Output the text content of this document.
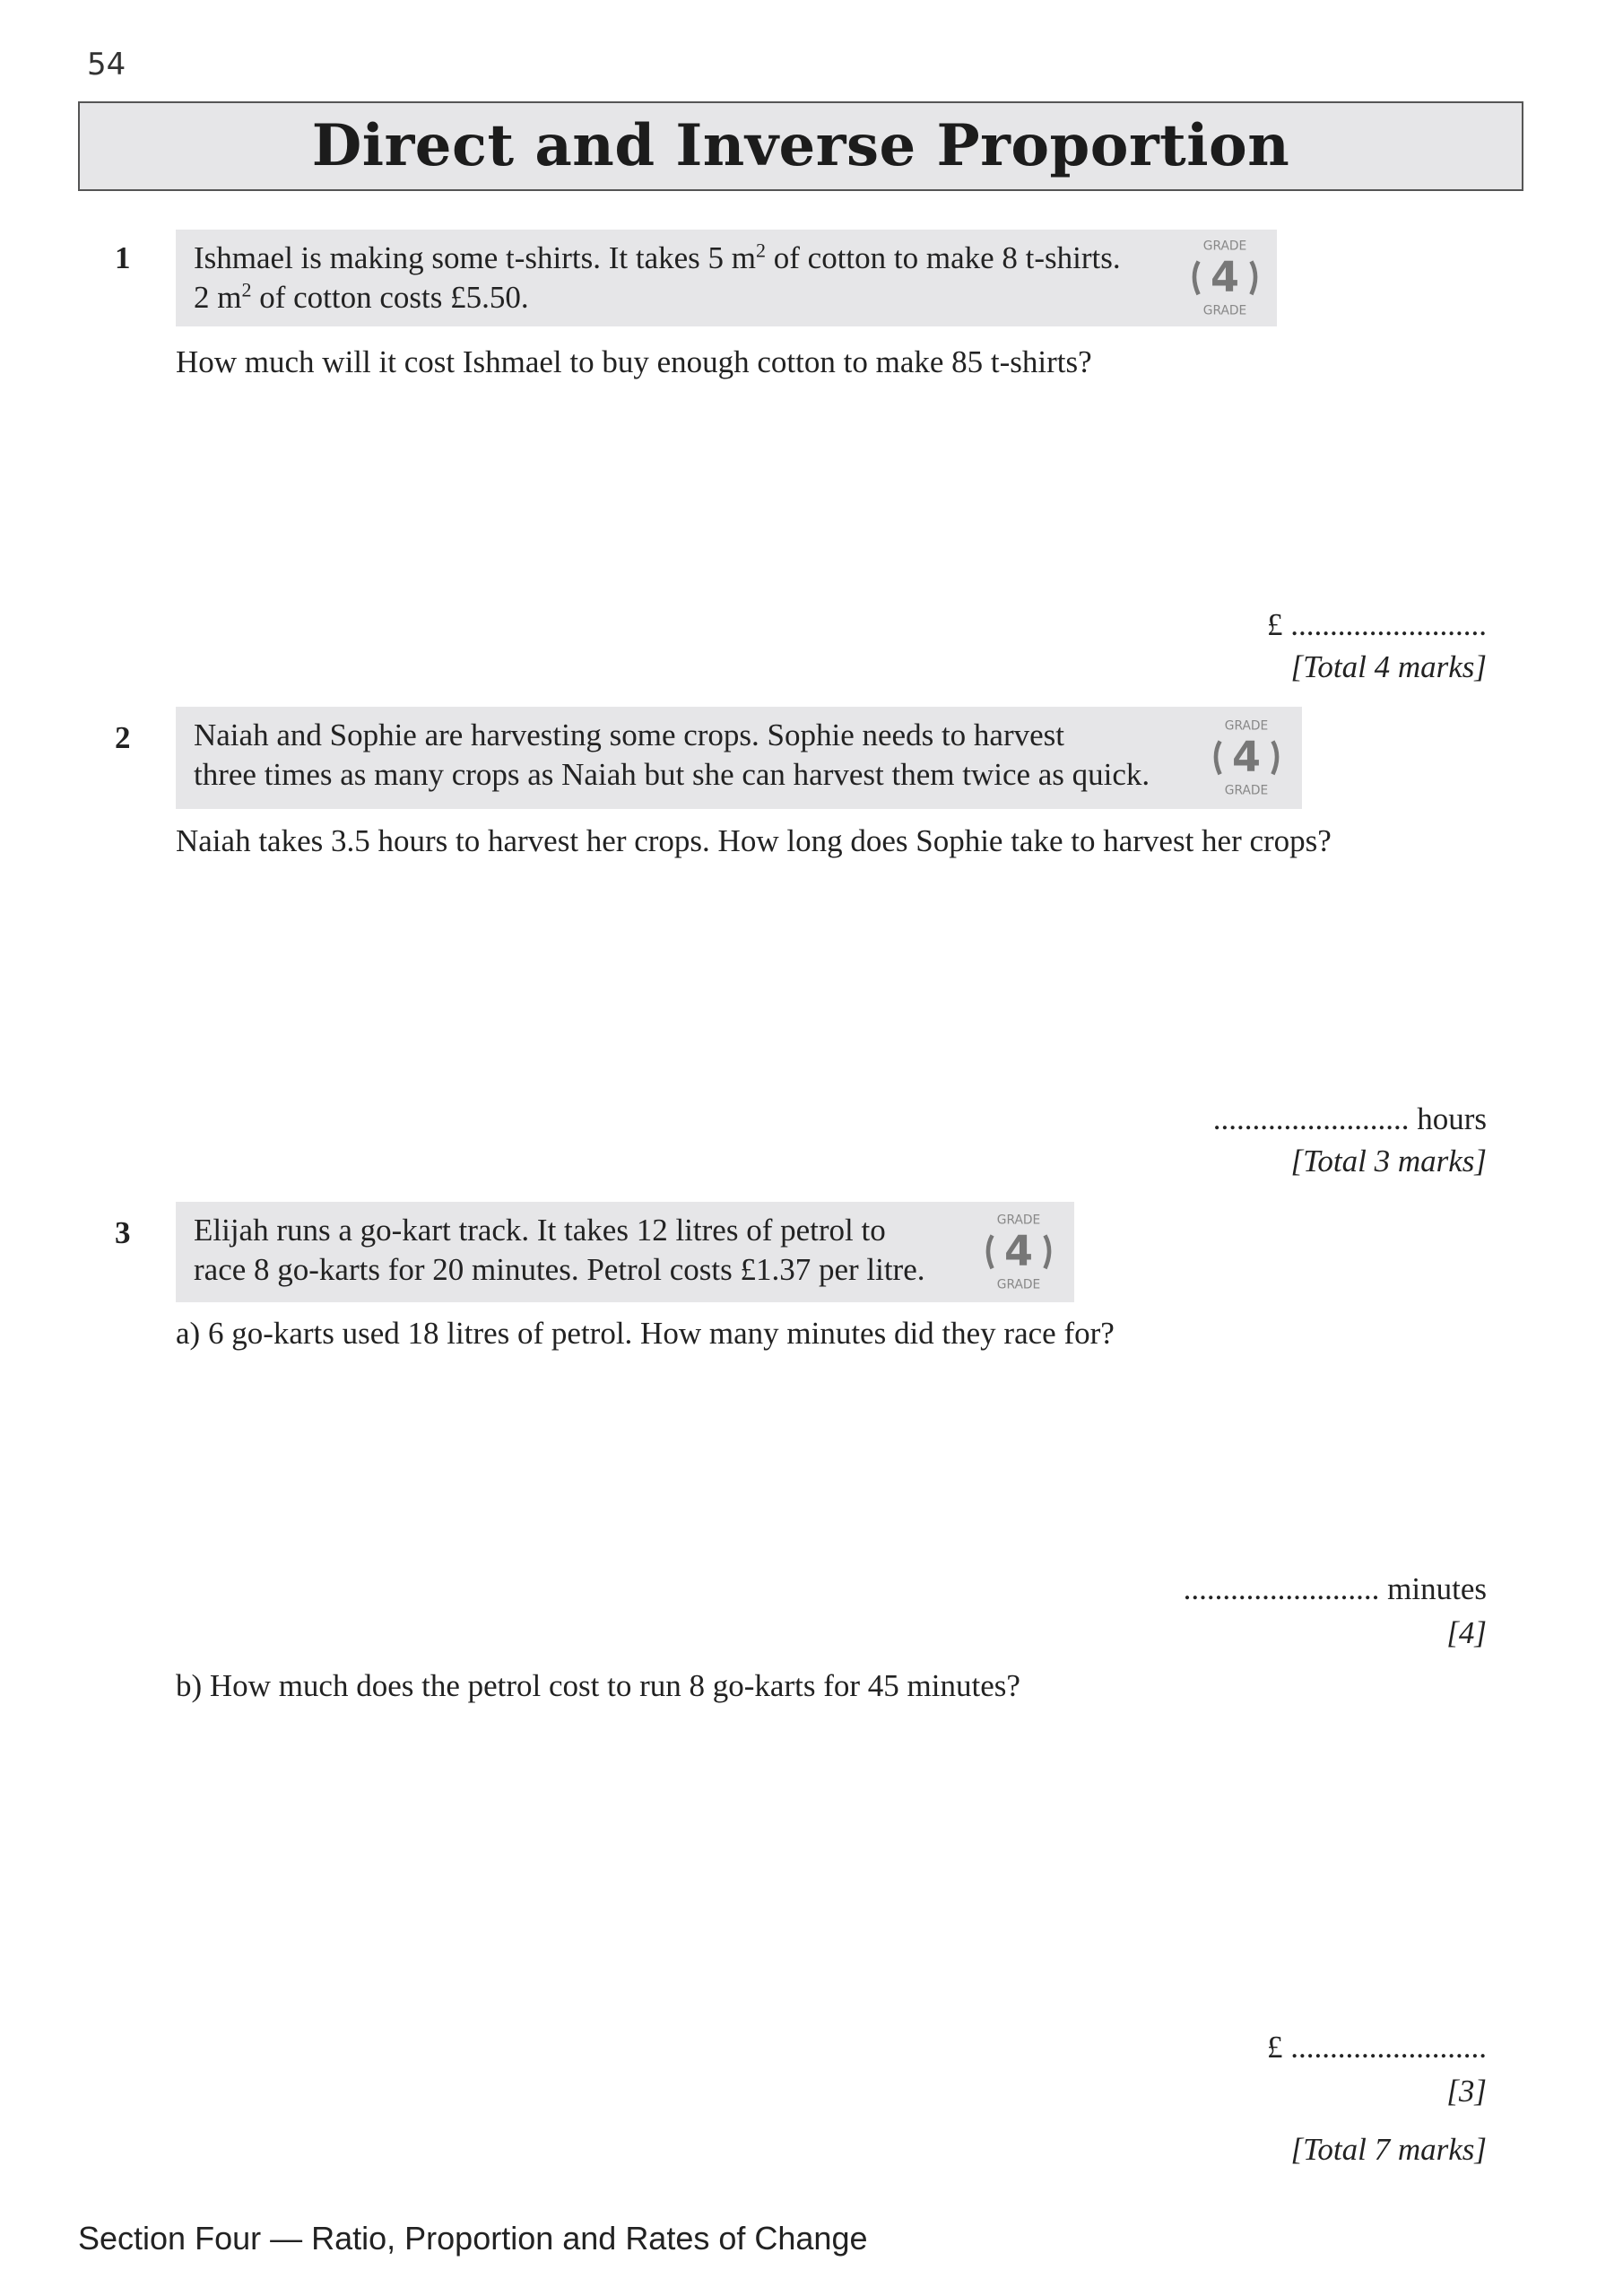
54
Direct and Inverse Proportion
1 Ishmael is making some t-shirts. It takes 5 $m^2$ of cotton to make 8 t-shirts.
2 $m^2$ of cotton costs £5.50.
GRADE
4
GRADE
How much will it cost Ishmael to buy enough cotton to make 85 t-shirts?
£ .........................
[Total 4 marks]
2 Naiah and Sophie are harvesting some crops. Sophie needs to harvest
three times as many crops as Naiah but she can harvest them twice as quick.
GRADE
4
GRADE
Naiah takes 3.5 hours to harvest her crops. How long does Sophie take to harvest her crops?
......................... hours
[Total 3 marks]
3 Elijah runs a go-kart track. It takes 12 litres of petrol to
race 8 go-karts for 20 minutes. Petrol costs £1.37 per litre.
GRADE
4
GRADE
a) 6 go-karts used 18 litres of petrol. How many minutes did they race for?
......................... minutes
[4]
b) How much does the petrol cost to run 8 go-karts for 45 minutes?
£ .........................
[3]
[Total 7 marks]
Section Four — Ratio, Proportion and Rates of Change
